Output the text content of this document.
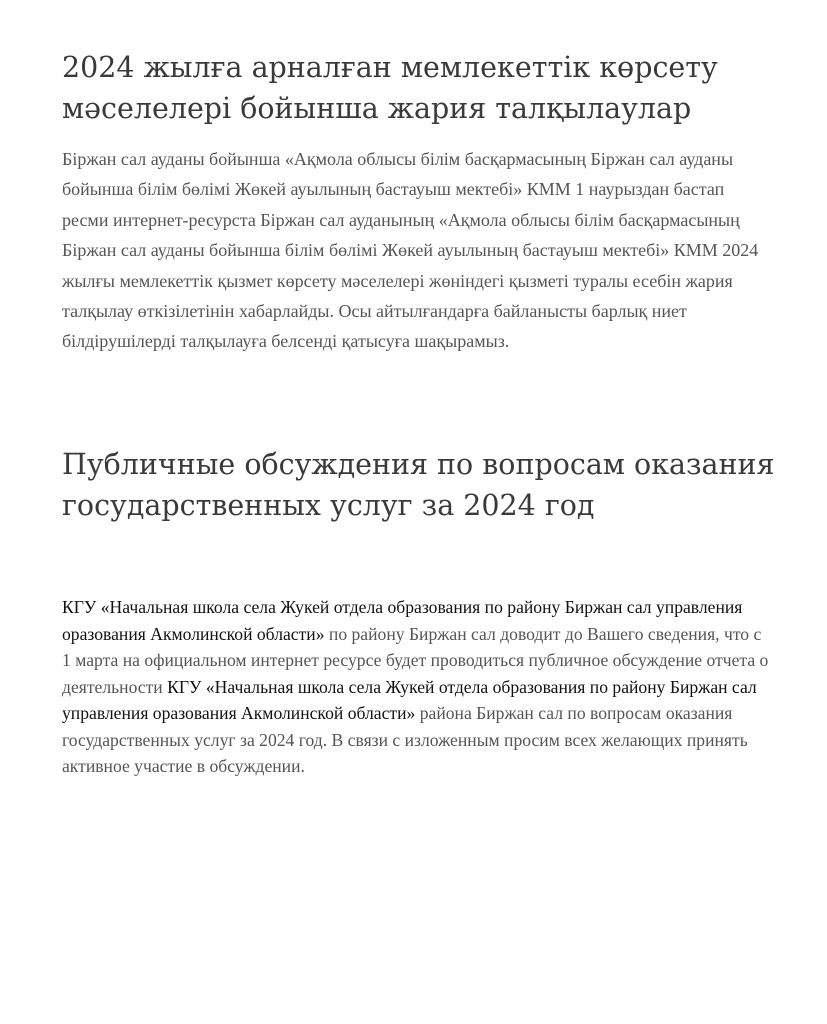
2024 жылға арналған мемлекеттік көрсету мәселелері бойынша жария талқылаулар

Біржан сал ауданы бойынша «Ақмола облысы білім басқармасының Біржан сал ауданы бойынша білім бөлімі Жөкей ауылының бастауыш мектебі» КММ 1 наурыздан бастап ресми интернет-ресурста Біржан сал ауданының «Ақмола облысы білім басқармасының Біржан сал ауданы бойынша білім бөлімі Жөкей ауылының бастауыш мектебі» КММ 2024 жылғы мемлекеттік қызмет көрсету мәселелері жөніндегі қызметі туралы есебін жария талқылау өткізілетінін хабарлайды. Осы айтылғандарға байланысты барлық ниет білдірушілерді талқылауға белсенді қатысуға шақырамыз.

Публичные обсуждения по вопросам оказания государственных услуг за 2024 год

КГУ «Начальная школа села Жукей отдела образования по району Биржан сал управления оразования Акмолинской области» по району Биржан сал доводит до Вашего сведения, что с 1 марта на официальном интернет ресурсе будет проводиться публичное обсуждение отчета о деятельности КГУ «Начальная школа села Жукей отдела образования по району Биржан сал управления оразования Акмолинской области» района Биржан сал по вопросам оказания государственных услуг за 2024 год. В связи с изложенным просим всех желающих принять активное участие в обсуждении.
